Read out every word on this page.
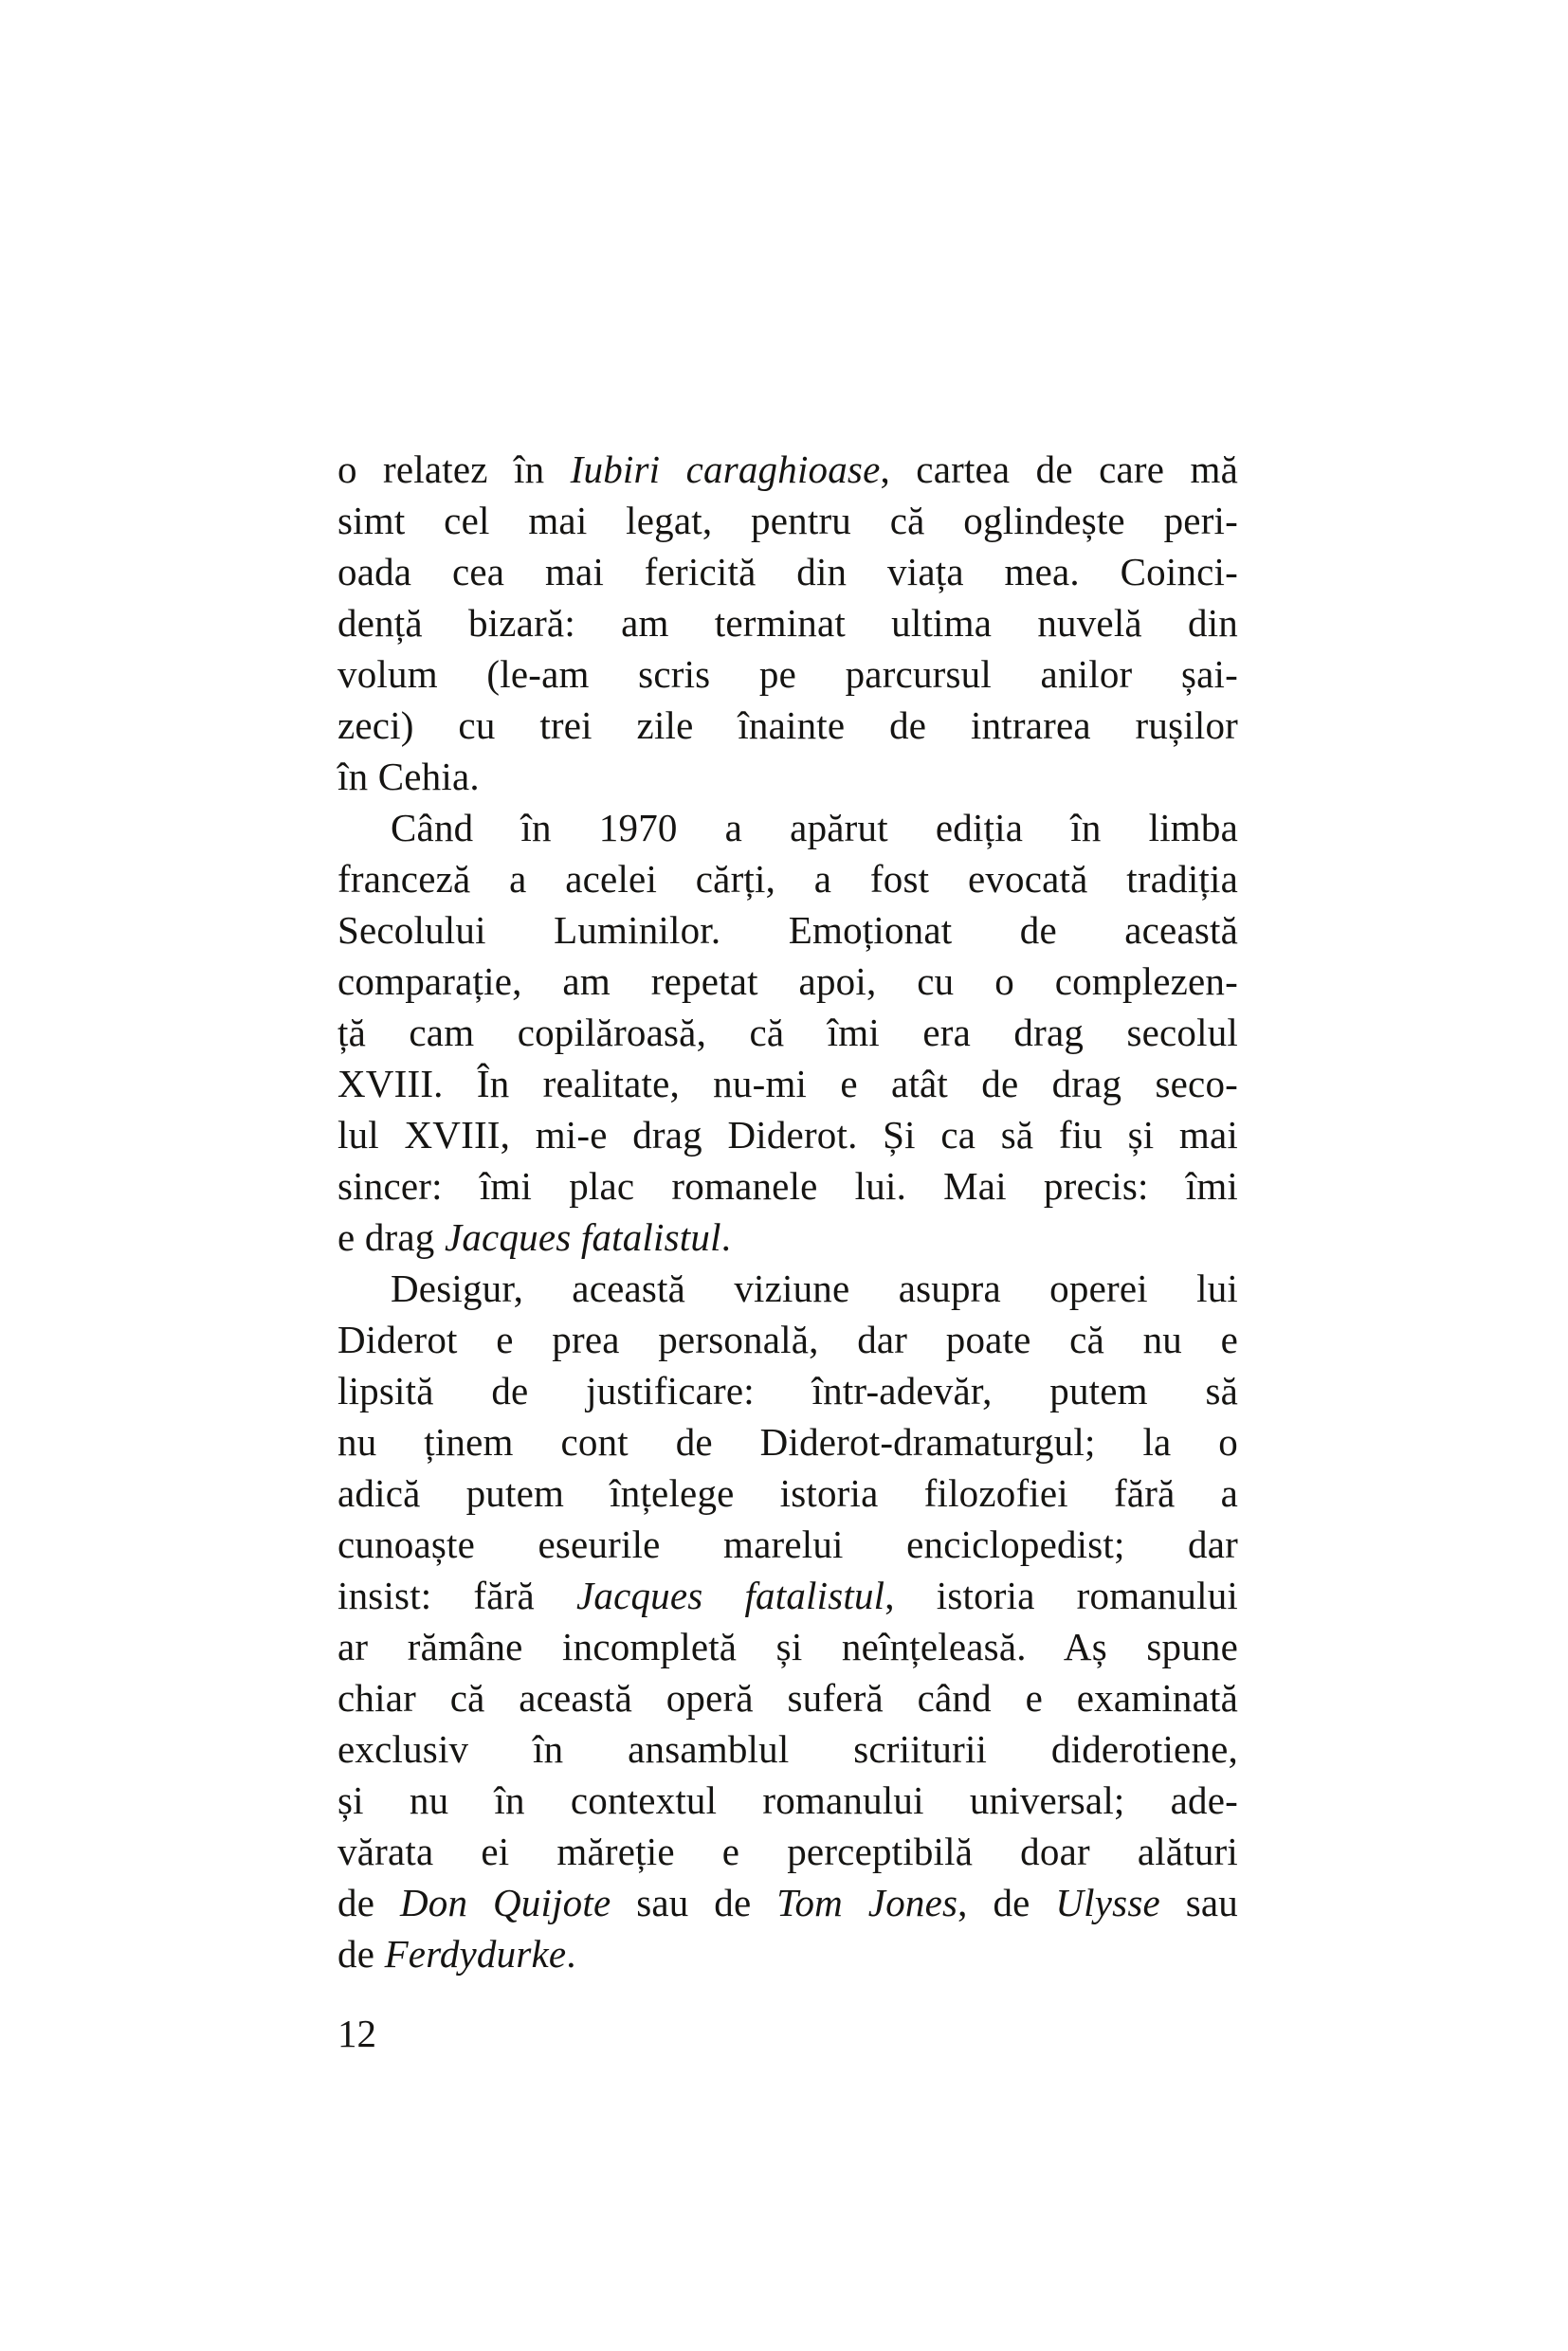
o relatez în Iubiri caraghioase, cartea de care mă
simt cel mai legat, pentru că oglindește peri-
oada cea mai fericită din viața mea. Coinci-
dență bizară: am terminat ultima nuvelă din
volum (le-am scris pe parcursul anilor șai-
zeci) cu trei zile înainte de intrarea rușilor
în Cehia.
Când în 1970 a apărut ediția în limba
franceză a acelei cărți, a fost evocată tradiția
Secolului Luminilor. Emoționat de această
comparație, am repetat apoi, cu o complezen-
ță cam copilăroasă, că îmi era drag secolul
XVIII. În realitate, nu-mi e atât de drag seco-
lul XVIII, mi-e drag Diderot. Și ca să fiu și mai
sincer: îmi plac romanele lui. Mai precis: îmi
e drag Jacques fatalistul.
Desigur, această viziune asupra operei lui
Diderot e prea personală, dar poate că nu e
lipsită de justificare: într-adevăr, putem să
nu ținem cont de Diderot-dramaturgul; la o
adică putem înțelege istoria filozofiei fără a
cunoaște eseurile marelui enciclopedist; dar
insist: fără Jacques fatalistul, istoria romanului
ar rămâne incompletă și neînțeleasă. Aș spune
chiar că această operă suferă când e examinată
exclusiv în ansamblul scriiturii diderotiene,
și nu în contextul romanului universal; ade-
vărata ei măreție e perceptibilă doar alături
de Don Quijote sau de Tom Jones, de Ulysse sau
de Ferdydurke.
12
